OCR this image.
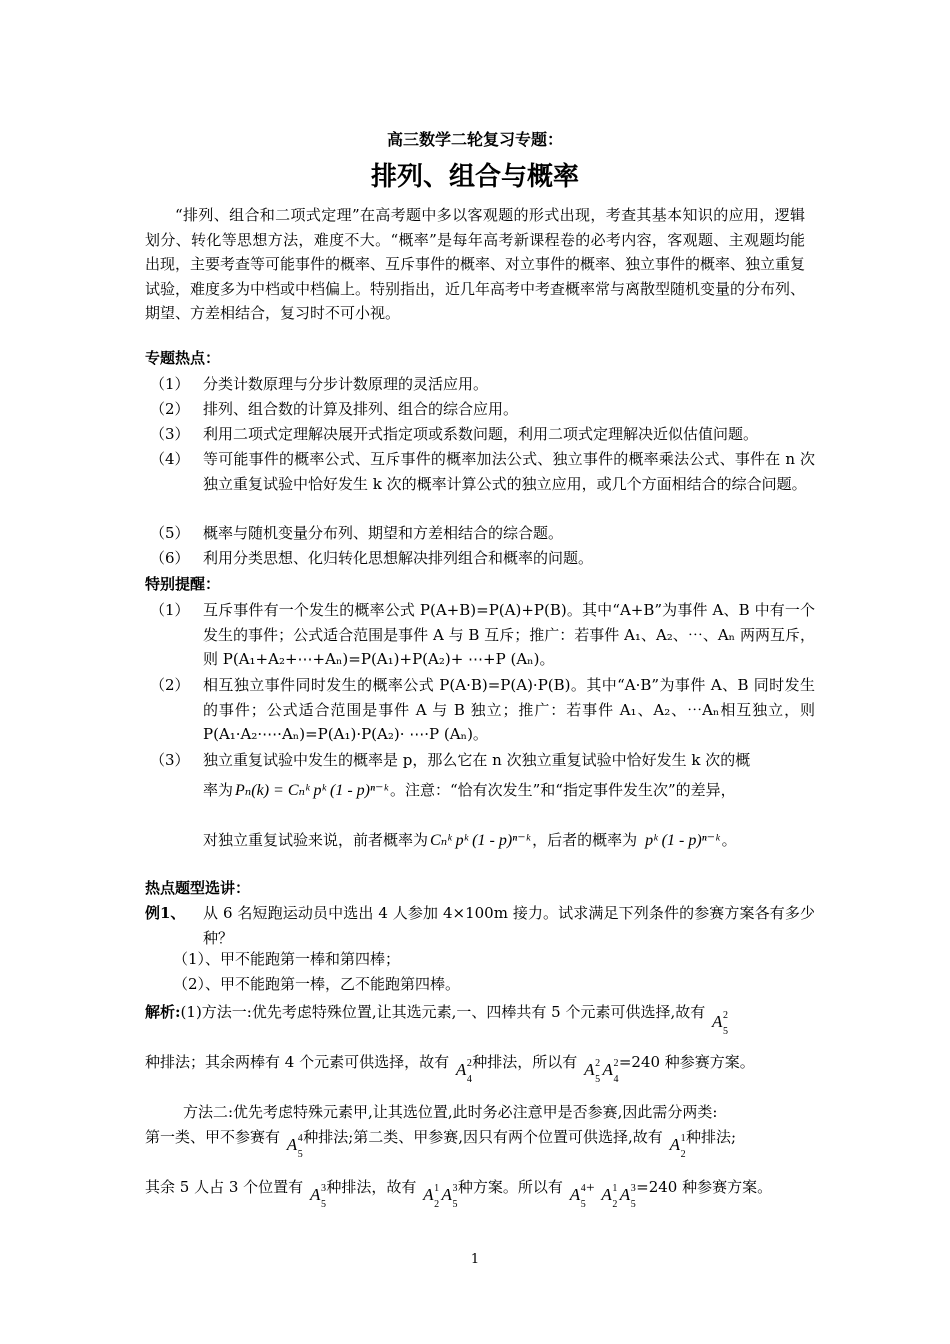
高三数学二轮复习专题：
排列、组合与概率
“排列、组合和二项式定理”在高考题中多以客观题的形式出现，考查其基本知识的应用，逻辑划分、转化等思想方法，难度不大。“概率”是每年高考新课程卷的必考内容，客观题、主观题均能出现，主要考查等可能事件的概率、互斥事件的概率、对立事件的概率、独立事件的概率、独立重复试验，难度多为中档或中档偏上。特别指出，近几年高考中考查概率常与离散型随机变量的分布列、期望、方差相结合，复习时不可小视。
专题热点：
（1） 分类计数原理与分步计数原理的灵活应用。
（2） 排列、组合数的计算及排列、组合的综合应用。
（3） 利用二项式定理解决展开式指定项或系数问题，利用二项式定理解决近似估值问题。
（4） 等可能事件的概率公式、互斥事件的概率加法公式、独立事件的概率乘法公式、事件在 n 次独立重复试验中恰好发生 k 次的概率计算公式的独立应用，或几个方面相结合的综合问题。
（5） 概率与随机变量分布列、期望和方差相结合的综合题。
（6） 利用分类思想、化归转化思想解决排列组合和概率的问题。
特别提醒：
（1） 互斥事件有一个发生的概率公式 P(A+B)=P(A)+P(B)。其中“A+B”为事件 A、B 中有一个发生的事件；公式适合范围是事件 A 与 B 互斥；推广：若事件 A₁、A₂、⋯、Aₙ 两两互斥，则 P(A₁+A₂+⋯+Aₙ)=P(A₁)+P(A₂)+ ⋯+P (Aₙ)。
（2） 相互独立事件同时发生的概率公式 P(A·B)=P(A)·P(B)。其中“A·B”为事件 A、B 同时发生的事件；公式适合范围是事件 A 与 B 独立；推广：若事件 A₁、A₂、⋯Aₙ相互独立，则 P(A₁·A₂·⋯·Aₙ)=P(A₁)·P(A₂)· ⋯·P (Aₙ)。
（3） 独立重复试验中发生的概率是 p，那么它在 n 次独立重复试验中恰好发生 k 次的概
率为 Pₙ(k) = Cₙᵏ pᵏ (1 - p)ⁿ⁻ᵏ 。注意：“恰有次发生”和“指定事件发生次”的差异，
对独立重复试验来说，前者概率为 Cₙᵏ pᵏ (1 - p)ⁿ⁻ᵏ ，后者的概率为 pᵏ (1 - p)ⁿ⁻ᵏ 。
热点题型选讲：
例1、 从 6 名短跑运动员中选出 4 人参加 4×100m 接力。试求满足下列条件的参赛方案各有多少种？
（1）、甲不能跑第一棒和第四棒；
（2）、甲不能跑第一棒，乙不能跑第四棒。
解析:(1)方法一:优先考虑特殊位置,让其选元素,一、四棒共有 5 个元素可供选择,故有 A 2
5
种排法；其余两棒有 4 个元素可供选择，故有 A 2
4
种排法，所以有 A 2
5
A 2
4
=240 种参赛方案。
方法二:优先考虑特殊元素甲,让其选位置,此时务必注意甲是否参赛,因此需分两类:
第一类、甲不参赛有 A 4
5
种排法;第二类、甲参赛,因只有两个位置可供选择,故有 A 1
2
种排法;
其余 5 人占 3 个位置有 A 3
5
种排法，故有 A 1
2
A 3
5
种方案。所以有 A 4
5
+ A 1
2
A 3
5
=240 种参赛方案。
1
